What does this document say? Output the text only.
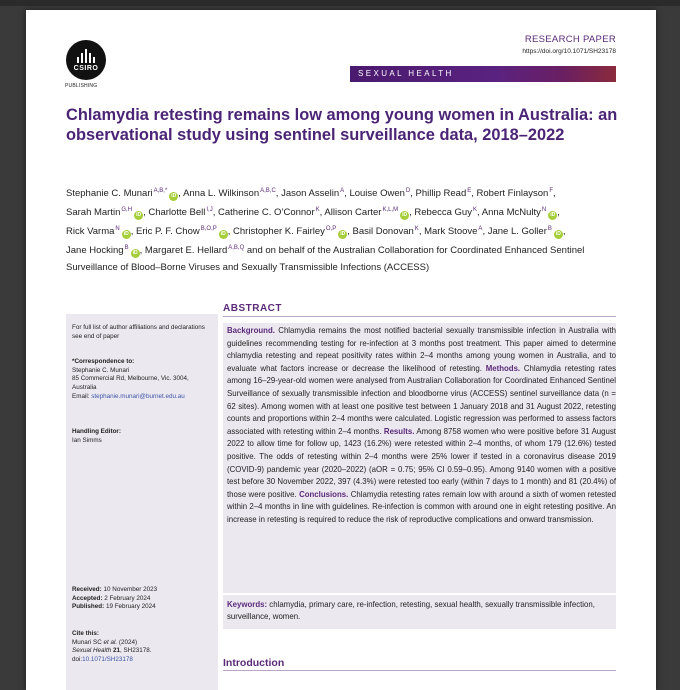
CSIRO
PUBLISHING
RESEARCH PAPER
https://doi.org/10.1071/SH23178
SEXUAL HEALTH
Chlamydia retesting remains low among young women in Australia: an observational study using sentinel surveillance data, 2018–2022
Stephanie C. Munari$^{A,B,*}$iD , Anna L. Wilkinson$^{A,B,C}$, Jason Asselin$^A$, Louise Owen$^D$, Phillip Read$^E$, Robert Finlayson$^F$, Sarah Martin$^{G,H}$iD , Charlotte Bell$^{I,J}$, Catherine C. O’Connor$^K$, Allison Carter$^{K,L,M}$iD , Rebecca Guy$^K$, Anna McNulty$^N$iD , Rick Varma$^N$iD , Eric P. F. Chow$^{B,O,P}$iD , Christopher K. Fairley$^{O,P}$iD , Basil Donovan$^K$, Mark Stoove$^A$, Jane L. Goller$^B$iD , Jane Hocking$^B$iD , Margaret E. Hellard$^{A,B,Q}$ and on behalf of the Australian Collaboration for Coordinated Enhanced Sentinel Surveillance of Blood–Borne Viruses and Sexually Transmissible Infections (ACCESS)
For full list of author affiliations and declarations see end of paper
*Correspondence to:
Stephanie C. Munari
85 Commercial Rd, Melbourne, Vic. 3004, Australia
Email: stephanie.munari@burnet.edu.au
Handling Editor:
Ian Simms
Received: 10 November 2023
Accepted: 2 February 2024
Published: 19 February 2024
Cite this:
Munari SC et al. (2024)
Sexual Health 21, SH23178.
doi:10.1071/SH23178
ABSTRACT

Background. Chlamydia remains the most notified bacterial sexually transmissible infection in Australia with guidelines recommending testing for re-infection at 3 months post treatment. This paper aimed to determine chlamydia retesting and repeat positivity rates within 2–4 months among young women in Australia, and to evaluate what factors increase or decrease the likelihood of retesting. Methods. Chlamydia retesting rates among 16–29-year-old women were analysed from Australian Collaboration for Coordinated Enhanced Sentinel Surveillance of sexually transmissible infection and bloodborne virus (ACCESS) sentinel surveillance data (n = 62 sites). Among women with at least one positive test between 1 January 2018 and 31 August 2022, retesting counts and proportions within 2–4 months were calculated. Logistic regression was performed to assess factors associated with retesting within 2–4 months. Results. Among 8758 women who were positive before 31 August 2022 to allow time for follow up, 1423 (16.2%) were retested within 2–4 months, of whom 179 (12.6%) tested positive. The odds of retesting within 2–4 months were 25% lower if tested in a coronavirus disease 2019 (COVID-9) pandemic year (2020–2022) (aOR = 0.75; 95% CI 0.59–0.95). Among 9140 women with a positive test before 30 November 2022, 397 (4.3%) were retested too early (within 7 days to 1 month) and 81 (20.4%) of those were positive. Conclusions. Chlamydia retesting rates remain low with around a sixth of women retested within 2–4 months in line with guidelines. Re-infection is common with around one in eight retesting positive. An increase in retesting is required to reduce the risk of reproductive complications and onward transmission.

Keywords: chlamydia, primary care, re-infection, retesting, sexual health, sexually transmissible infection, surveillance, women.
Introduction
